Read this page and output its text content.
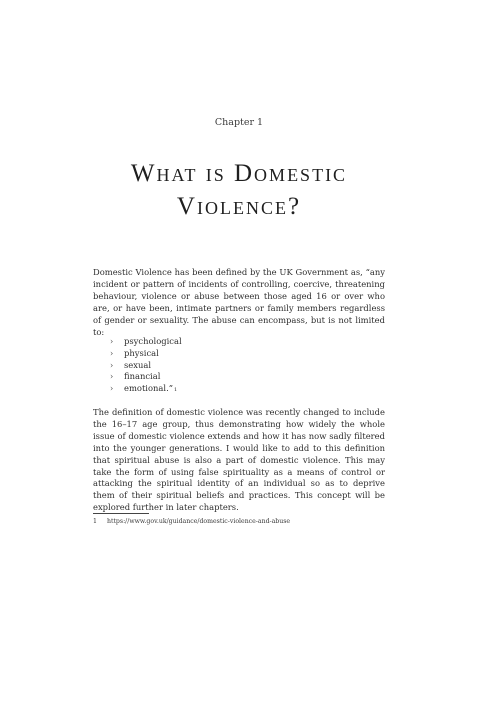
Chapter 1
What is Domestic
Violence?

Domestic Violence has been defined by the UK Government as, “any incident or pattern of incidents of controlling, coercive, threatening behaviour, violence or abuse between those aged 16 or over who are, or have been, intimate partners or family members regardless of gender or sexuality. The abuse can encompass, but is not limited to:

›	psychological
›	physical
›	sexual
›	financial
›	emotional.” 1

The definition of domestic violence was recently changed to include the 16–17 age group, thus demonstrating how widely the whole issue of domestic violence extends and how it has now sadly filtered into the younger generations. I would like to add to this definition that spiritual abuse is also a part of domestic violence. This may take the form of using false spirituality as a means of control or attacking the spiritual identity of an individual so as to deprive them of their spiritual beliefs and practices. This concept will be explored further in later chapters.

1 https://www.gov.uk/guidance/domestic-violence-and-abuse
